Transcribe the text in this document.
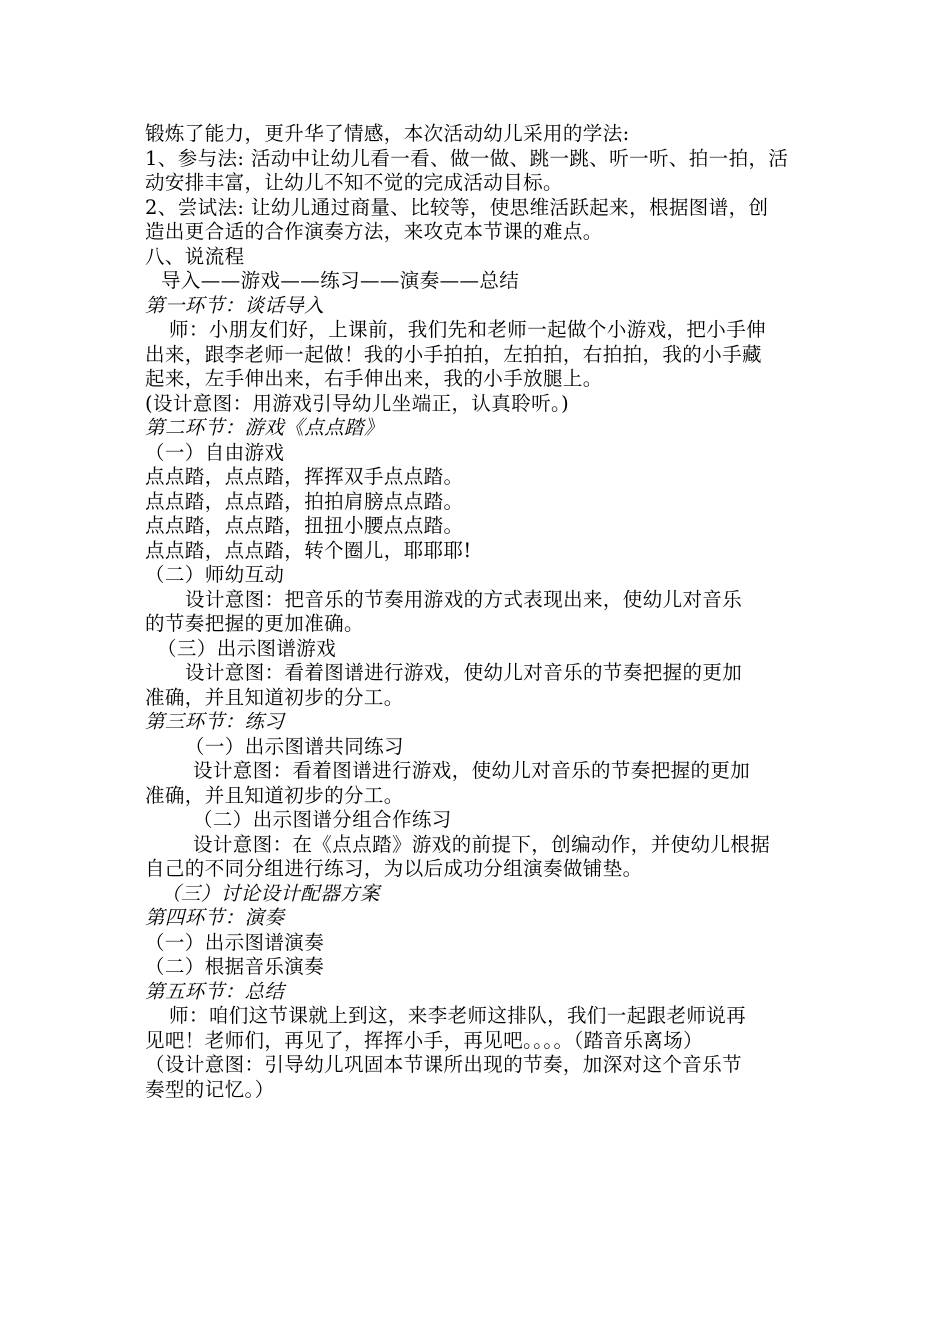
锻炼了能力，更升华了情感，本次活动幼儿采用的学法:
1、参与法: 活动中让幼儿看一看、做一做、跳一跳、听一听、拍一拍，活
动安排丰富，让幼儿不知不觉的完成活动目标。
2、尝试法: 让幼儿通过商量、比较等，使思维活跃起来，根据图谱，创
造出更合适的合作演奏方法，来攻克本节课的难点。
八、说流程
导入——游戏——练习——演奏——总结
第一环节：谈话导入
师：小朋友们好，上课前，我们先和老师一起做个小游戏，把小手伸
出来，跟李老师一起做！我的小手拍拍，左拍拍，右拍拍，我的小手藏
起来，左手伸出来，右手伸出来，我的小手放腿上。
(设计意图：用游戏引导幼儿坐端正，认真聆听。)
第二环节：游戏《点点踏》
（一）自由游戏
点点踏，点点踏，挥挥双手点点踏。
点点踏，点点踏，拍拍肩膀点点踏。
点点踏，点点踏，扭扭小腰点点踏。
点点踏，点点踏，转个圈儿，耶耶耶!
（二）师幼互动
设计意图：把音乐的节奏用游戏的方式表现出来，使幼儿对音乐
的节奏把握的更加准确。
（三）出示图谱游戏
设计意图：看着图谱进行游戏，使幼儿对音乐的节奏把握的更加
准确，并且知道初步的分工。
第三环节：练习
（一）出示图谱共同练习
设计意图：看着图谱进行游戏，使幼儿对音乐的节奏把握的更加
准确，并且知道初步的分工。
（二）出示图谱分组合作练习
设计意图：在《点点踏》游戏的前提下，创编动作，并使幼儿根据
自己的不同分组进行练习，为以后成功分组演奏做铺垫。
（三）讨论设计配器方案
第四环节：演奏
（一）出示图谱演奏
（二）根据音乐演奏
第五环节：总结
师：咱们这节课就上到这，来李老师这排队，我们一起跟老师说再
见吧！老师们，再见了，挥挥小手，再见吧。。。。（踏音乐离场）
（设计意图：引导幼儿巩固本节课所出现的节奏，加深对这个音乐节
奏型的记忆。）
